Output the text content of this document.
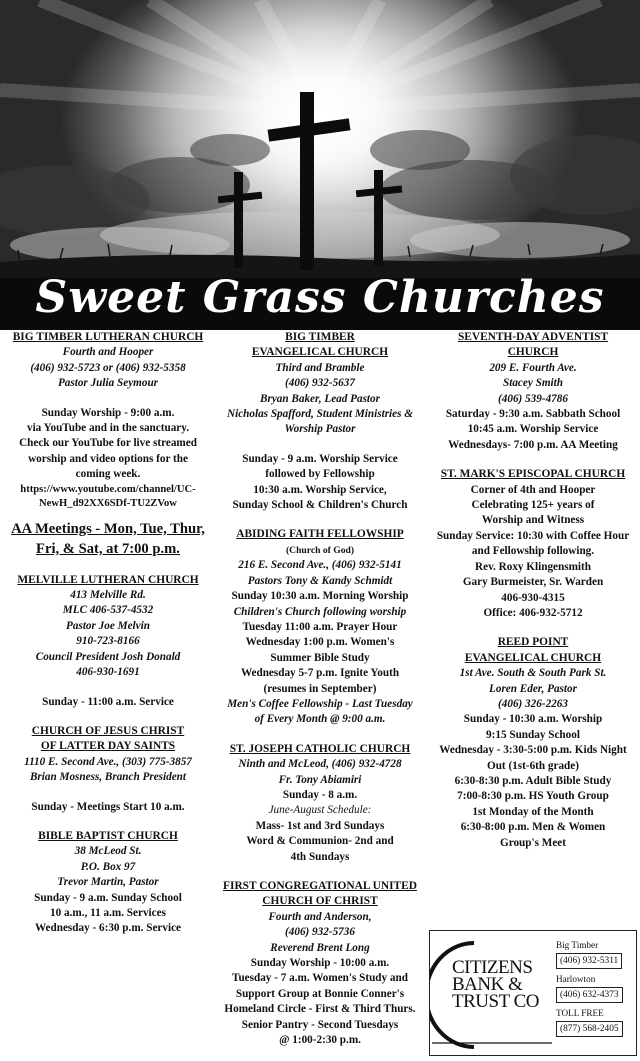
Sweet Grass Churches
BIG TIMBER LUTHERAN CHURCH
Fourth and Hooper
(406) 932-5723 or (406) 932-5358
Pastor Julia Seymour
Sunday Worship - 9:00 a.m.
via YouTube and in the sanctuary.
Check our YouTube for live streamed
worship and video options for the
coming week.
https://www.youtube.com/channel/UC-
NewH_d92XX6SDf-TU2ZVow
AA Meetings - Mon, Tue, Thur,
Fri, & Sat, at 7:00 p.m.
MELVILLE LUTHERAN CHURCH
413 Melville Rd.
MLC 406-537-4532
Pastor Joe Melvin
910-723-8166
Council President Josh Donald
406-930-1691
Sunday - 11:00 a.m. Service
CHURCH OF JESUS CHRIST
OF LATTER DAY SAINTS
1110 E. Second Ave., (303) 775-3857
Brian Mosness, Branch President
Sunday - Meetings Start 10 a.m.
BIBLE BAPTIST CHURCH
38 McLeod St.
P.O. Box 97
Trevor Martin, Pastor
Sunday - 9 a.m. Sunday School
10 a.m., 11 a.m. Services
Wednesday - 6:30 p.m. Service
BIG TIMBER
EVANGELICAL CHURCH
Third and Bramble
(406) 932-5637
Bryan Baker, Lead Pastor
Nicholas Spafford, Student Ministries &
Worship Pastor
Sunday - 9 a.m. Worship Service
followed by Fellowship
10:30 a.m. Worship Service,
Sunday School & Children's Church
ABIDING FAITH FELLOWSHIP
(Church of God)
216 E. Second Ave., (406) 932-5141
Pastors Tony & Kandy Schmidt
Sunday 10:30 a.m. Morning Worship
Children's Church following worship
Tuesday 11:00 a.m. Prayer Hour
Wednesday 1:00 p.m. Women's
Summer Bible Study
Wednesday 5-7 p.m. Ignite Youth
(resumes in September)
Men's Coffee Fellowship - Last Tuesday
of Every Month @ 9:00 a.m.
ST. JOSEPH CATHOLIC CHURCH
Ninth and McLeod, (406) 932-4728
Fr. Tony Abiamiri
Sunday - 8 a.m.
June-August Schedule:
Mass- 1st and 3rd Sundays
Word & Communion- 2nd and
4th Sundays
FIRST CONGREGATIONAL UNITED
CHURCH OF CHRIST
Fourth and Anderson,
(406) 932-5736
Reverend Brent Long
Sunday Worship - 10:00 a.m.
Tuesday - 7 a.m. Women's Study and
Support Group at Bonnie Conner's
Homeland Circle - First & Third Thurs.
Senior Pantry - Second Tuesdays
@ 1:00-2:30 p.m.
SEVENTH-DAY ADVENTIST
CHURCH
209 E. Fourth Ave.
Stacey Smith
(406) 539-4786
Saturday - 9:30 a.m. Sabbath School
10:45 a.m. Worship Service
Wednesdays- 7:00 p.m. AA Meeting
ST. MARK'S EPISCOPAL CHURCH
Corner of 4th and Hooper
Celebrating 125+ years of
Worship and Witness
Sunday Service: 10:30 with Coffee Hour
and Fellowship following.
Rev. Roxy Klingensmith
Gary Burmeister, Sr. Warden
406-930-4315
Office: 406-932-5712
REED POINT
EVANGELICAL CHURCH
1st Ave. South & South Park St.
Loren Eder, Pastor
(406) 326-2263
Sunday - 10:30 a.m. Worship
9:15 Sunday School
Wednesday - 3:30-5:00 p.m. Kids Night
Out (1st-6th grade)
6:30-8:30 p.m. Adult Bible Study
7:00-8:30 p.m. HS Youth Group
1st Monday of the Month
6:30-8:00 p.m. Men & Women
Group's Meet
CITIZENS
BANK &
TRUST CO
Big Timber
(406) 932-5311
Harlowton
(406) 632-4373
TOLL FREE
(877) 568-2405
